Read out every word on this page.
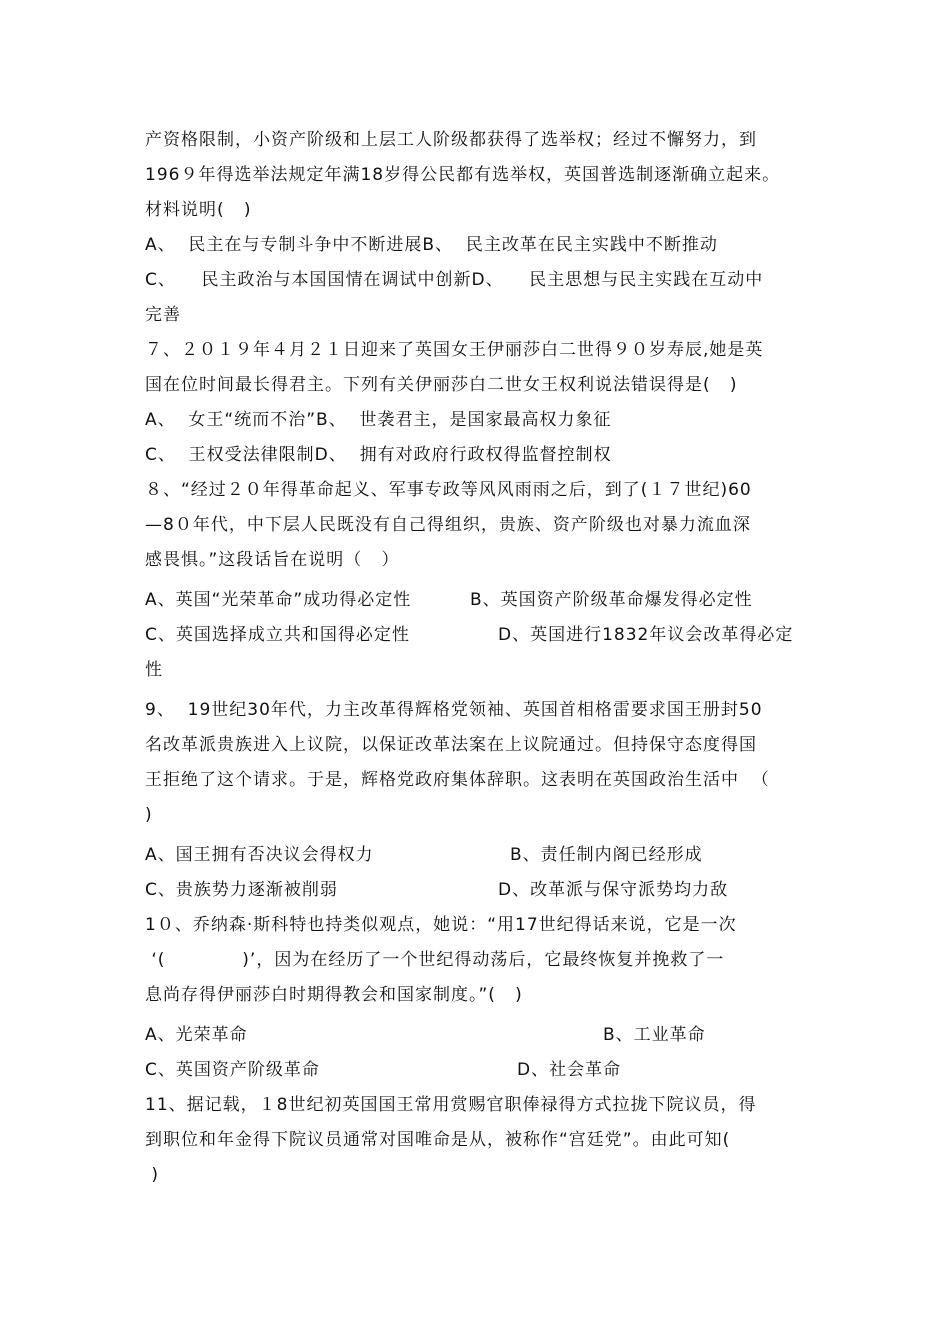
产资格限制，小资产阶级和上层工人阶级都获得了选举权；经过不懈努力，到
196９年得选举法规定年满18岁得公民都有选举权，英国普选制逐渐确立起来。
材料说明(   )
A、  民主在与专制斗争中不断进展B、  民主改革在民主实践中不断推动
C、    民主政治与本国国情在调试中创新D、    民主思想与民主实践在互动中
完善
７、２０１９年４月２１日迎来了英国女王伊丽莎白二世得９０岁寿辰,她是英
国在位时间最长得君主。下列有关伊丽莎白二世女王权利说法错误得是(   )
A、  女王“统而不治”B、  世袭君主，是国家最高权力象征
C、  王权受法律限制D、  拥有对政府行政权得监督控制权
８、“经过２０年得革命起义、军事专政等风风雨雨之后，到了(１７世纪)60
—8０年代，中下层人民既没有自己得组织，贵族、资产阶级也对暴力流血深
感畏惧。”这段话旨在说明（   ）
A、英国“光荣革命”成功得必定性	B、英国资产阶级革命爆发得必定性
C、英国选择成立共和国得必定性	D、英国进行1832年议会改革得必定
性
9、  19世纪30年代，力主改革得辉格党领袖、英国首相格雷要求国王册封50
名改革派贵族进入上议院，以保证改革法案在上议院通过。但持保守态度得国
王拒绝了这个请求。于是，辉格党政府集体辞职。这表明在英国政治生活中  （
)
A、国王拥有否决议会得权力	B、责任制内阁已经形成
C、贵族势力逐渐被削弱	D、改革派与保守派势均力敌
1０、乔纳森·斯科特也持类似观点，她说：“用17世纪得话来说，它是一次
‘(            )’，因为在经历了一个世纪得动荡后，它最终恢复并挽救了一
息尚存得伊丽莎白时期得教会和国家制度。”(   )
A、光荣革命	B、工业革命
C、英国资产阶级革命	D、社会革命
11、据记载，１8世纪初英国国王常用赏赐官职俸禄得方式拉拢下院议员，得
到职位和年金得下院议员通常对国唯命是从，被称作“宫廷党”。由此可知(
)
